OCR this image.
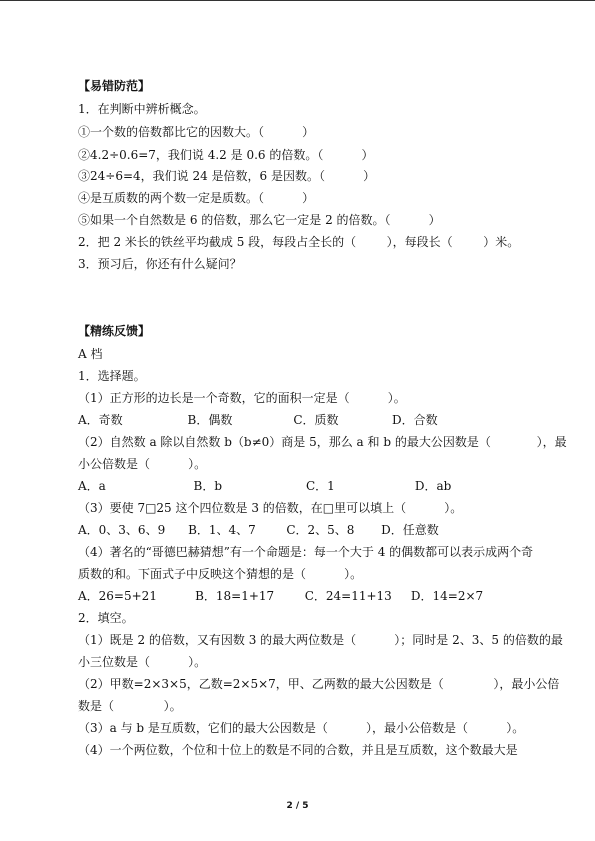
【易错防范】
1．在判断中辨析概念。
①一个数的倍数都比它的因数大。（          ）
②4.2÷0.6=7，我们说 4.2 是 0.6 的倍数。（          ）
③24÷6=4，我们说 24 是倍数，6 是因数。（          ）
④是互质数的两个数一定是质数。（          ）
⑤如果一个自然数是 6 的倍数，那么它一定是 2 的倍数。（          ）
2．把 2 米长的铁丝平均截成 5 段，每段占全长的（        ），每段长（        ）米。
3．预习后，你还有什么疑问？
【精练反馈】
A 档
1．选择题。
（1）正方形的边长是一个奇数，它的面积一定是（          ）。
A．奇数                 B．偶数                C．质数              D．合数
（2）自然数 a 除以自然数 b（b≠0）商是 5，那么 a 和 b 的最大公因数是（            ），最
小公倍数是（          ）。
A．a                       B．b                      C．1                     D．ab
（3）要使 7□25 这个四位数是 3 的倍数，在□里可以填上（          ）。
A．0、3、6、9      B．1、4、7        C．2、5、8       D．任意数
（4）著名的“哥德巴赫猜想”有一个命题是：每一个大于 4 的偶数都可以表示成两个奇
质数的和。下面式子中反映这个猜想的是（          ）。
A．26=5+21          B．18=1+17        C．24=11+13     D．14=2×7
2．填空。
（1）既是 2 的倍数，又有因数 3 的最大两位数是（          ）；同时是 2、3、5 的倍数的最
小三位数是（          ）。
（2）甲数=2×3×5，乙数=2×5×7，甲、乙两数的最大公因数是（             ），最小公倍
数是（             ）。
（3）a 与 b 是互质数，它们的最大公因数是（          ），最小公倍数是（          ）。
（4）一个两位数，个位和十位上的数是不同的合数，并且是互质数，这个数最大是
2 / 5
